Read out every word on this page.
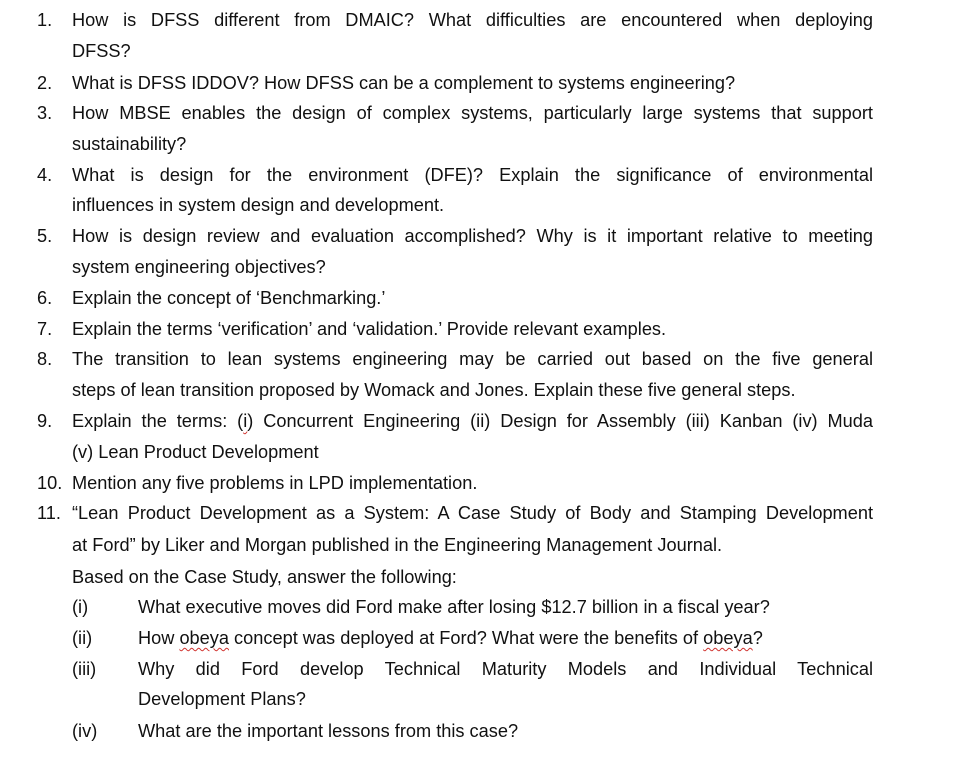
1.	How is DFSS different from DMAIC? What difficulties are encountered when deploying
DFSS?
2.	What is DFSS IDDOV? How DFSS can be a complement to systems engineering?
3.	How MBSE enables the design of complex systems, particularly large systems that support
sustainability?
4.	What is design for the environment (DFE)? Explain the significance of environmental
influences in system design and development.
5.	How is design review and evaluation accomplished? Why is it important relative to meeting
system engineering objectives?
6.	Explain the concept of ‘Benchmarking.’
7.	Explain the terms ‘verification’ and ‘validation.’ Provide relevant examples.
8.	The transition to lean systems engineering may be carried out based on the five general
steps of lean transition proposed by Womack and Jones. Explain these five general steps.
9.	Explain the terms: (i) Concurrent Engineering (ii) Design for Assembly (iii) Kanban (iv) Muda
(v) Lean Product Development
10. Mention any five problems in LPD implementation.
11. “Lean Product Development as a System: A Case Study of Body and Stamping Development
at Ford” by Liker and Morgan published in the Engineering Management Journal.
Based on the Case Study, answer the following:
(i)	What executive moves did Ford make after losing $12.7 billion in a fiscal year?
(ii)	How obeya concept was deployed at Ford? What were the benefits of obeya?
(iii)	Why did Ford develop Technical Maturity Models and Individual Technical
Development Plans?
(iv)	What are the important lessons from this case?
